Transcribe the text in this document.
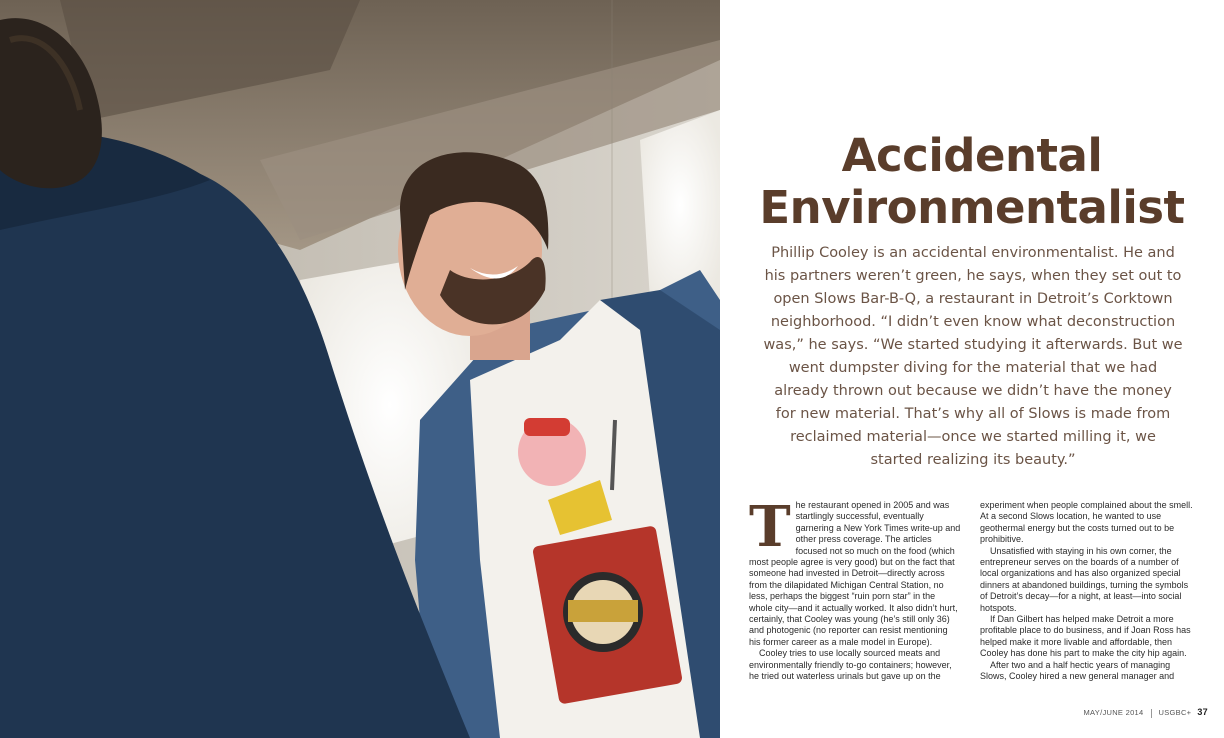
Accidental
Environmentalist
Phillip Cooley is an accidental environmentalist. He and his partners weren’t green, he says, when they set out to open Slows Bar-B-Q, a restaurant in Detroit’s Corktown neighborhood. “I didn’t even know what deconstruction was,” he says. “We started studying it afterwards. But we went dumpster diving for the material that we had already thrown out because we didn’t have the money for new material. That’s why all of Slows is made from reclaimed material—once we started milling it, we started realizing its beauty.”
T he restaurant opened in 2005 and was startlingly successful, eventually garnering a New York Times write-up and other press coverage. The articles focused not so much on the food (which most people agree is very good) but on the fact that someone had invested in Detroit—directly across from the dilapidated Michigan Central Station, no less, perhaps the biggest “ruin porn star” in the whole city—and it actually worked. It also didn’t hurt, certainly, that Cooley was young (he’s still only 36) and photogenic (no reporter can resist mentioning his former career as a male model in Europe).

Cooley tries to use locally sourced meats and environmentally friendly to-go containers; however, he tried out waterless urinals but gave up on the

experiment when people complained about the smell. At a second Slows location, he wanted to use geothermal energy but the costs turned out to be prohibitive.

Unsatisfied with staying in his own corner, the entrepreneur serves on the boards of a number of local organizations and has also organized special dinners at abandoned buildings, turning the symbols of Detroit’s decay—for a night, at least—into social hotspots.

If Dan Gilbert has helped make Detroit a more profitable place to do business, and if Joan Ross has helped make it more livable and affordable, then Cooley has done his part to make the city hip again.

After two and a half hectic years of managing Slows, Cooley hired a new general manager and

MAY/JUNE 2014 USGBC+ 37
